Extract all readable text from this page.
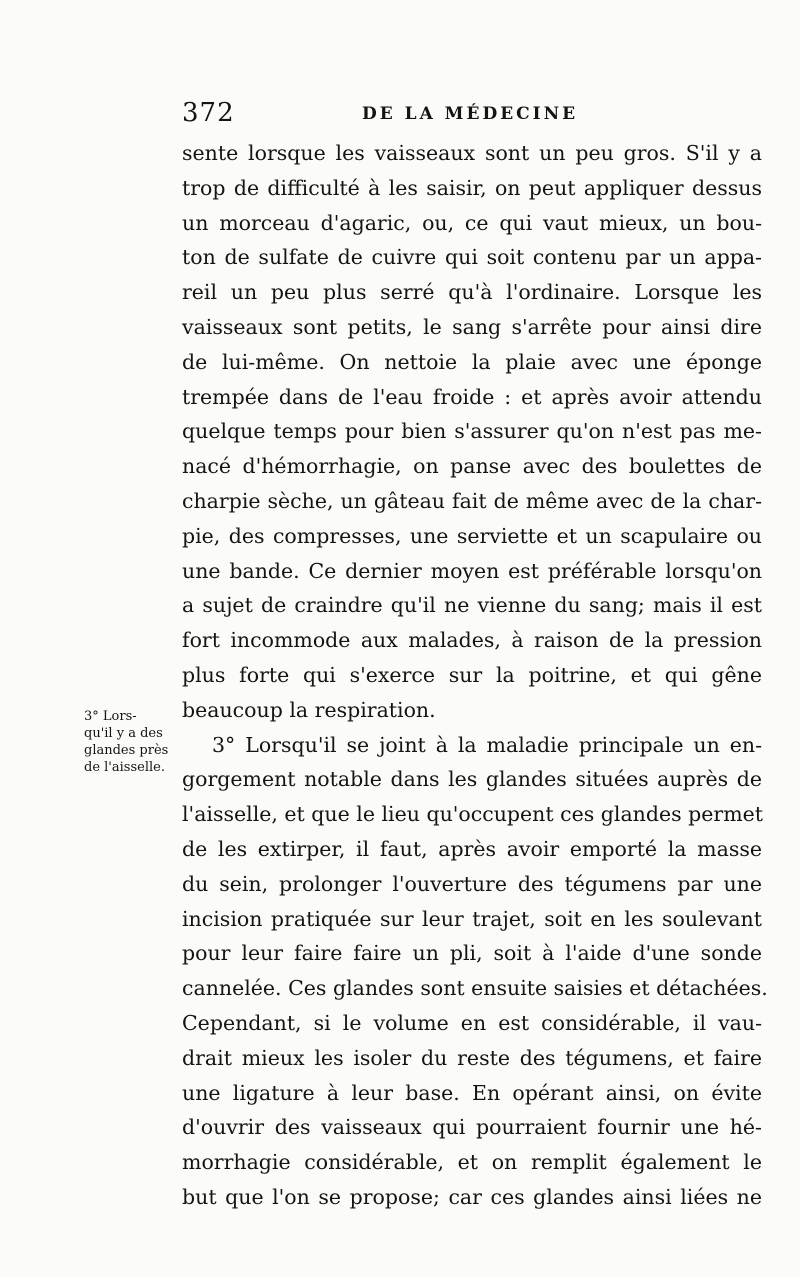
372	DE LA MÉDECINE
3° Lors-
qu'il y a des
glandes près
de l'aisselle.
sente lorsque les vaisseaux sont un peu gros. S'il y a
trop de difficulté à les saisir, on peut appliquer dessus
un morceau d'agaric, ou, ce qui vaut mieux, un bou-
ton de sulfate de cuivre qui soit contenu par un appa-
reil un peu plus serré qu'à l'ordinaire. Lorsque les
vaisseaux sont petits, le sang s'arrête pour ainsi dire
de lui-même. On nettoie la plaie avec une éponge
trempée dans de l'eau froide : et après avoir attendu
quelque temps pour bien s'assurer qu'on n'est pas me-
nacé d'hémorrhagie, on panse avec des boulettes de
charpie sèche, un gâteau fait de même avec de la char-
pie, des compresses, une serviette et un scapulaire ou
une bande. Ce dernier moyen est préférable lorsqu'on
a sujet de craindre qu'il ne vienne du sang; mais il est
fort incommode aux malades, à raison de la pression
plus forte qui s'exerce sur la poitrine, et qui gêne
beaucoup la respiration.
3° Lorsqu'il se joint à la maladie principale un en-
gorgement notable dans les glandes situées auprès de
l'aisselle, et que le lieu qu'occupent ces glandes permet
de les extirper, il faut, après avoir emporté la masse
du sein, prolonger l'ouverture des tégumens par une
incision pratiquée sur leur trajet, soit en les soulevant
pour leur faire faire un pli, soit à l'aide d'une sonde
cannelée. Ces glandes sont ensuite saisies et détachées.
Cependant, si le volume en est considérable, il vau-
drait mieux les isoler du reste des tégumens, et faire
une ligature à leur base. En opérant ainsi, on évite
d'ouvrir des vaisseaux qui pourraient fournir une hé-
morrhagie considérable, et on remplit également le
but que l'on se propose; car ces glandes ainsi liées ne
